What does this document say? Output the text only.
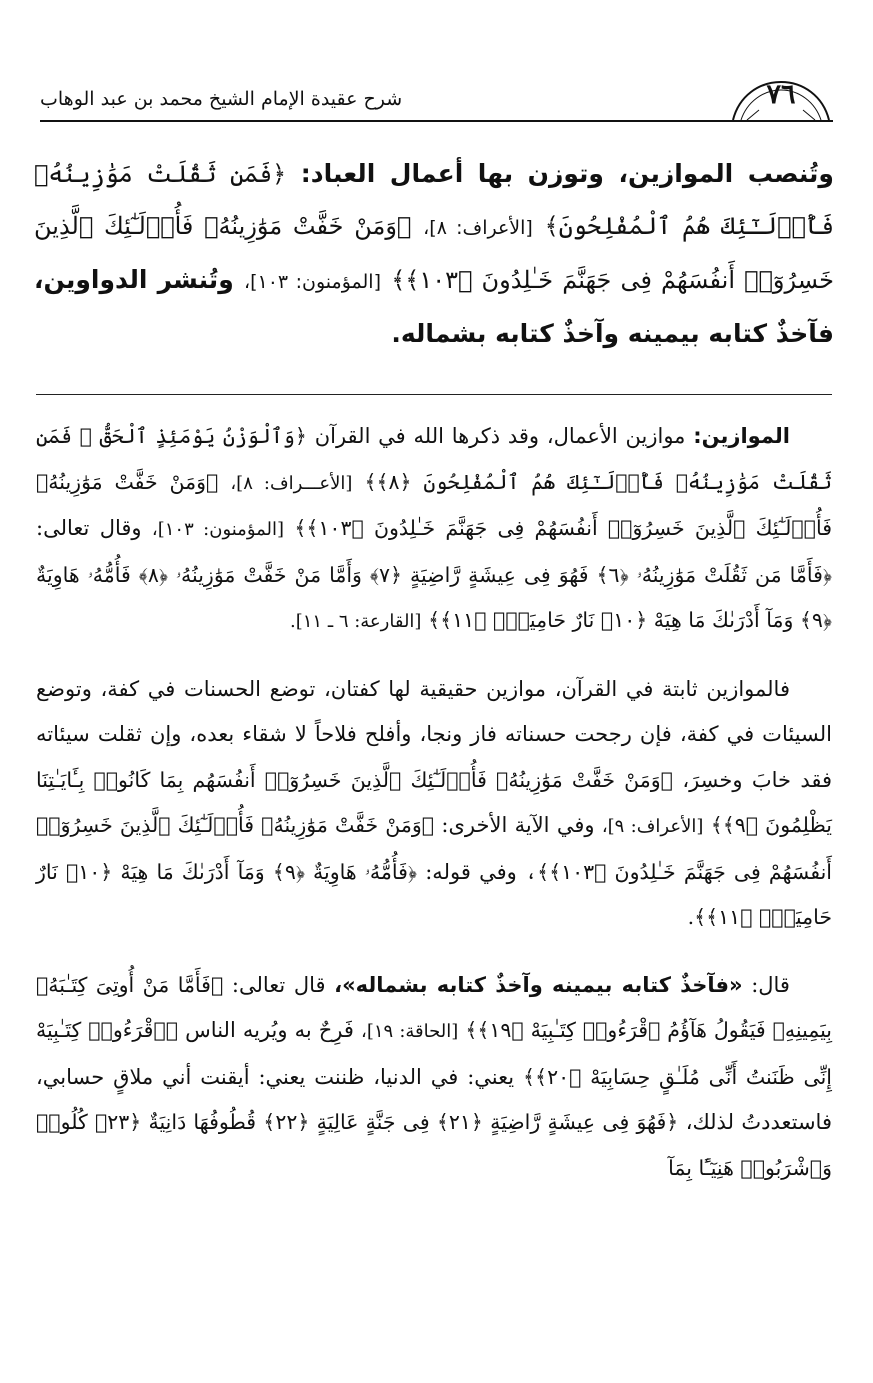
٧٦
شرح عقيدة الإمام الشيخ محمد بن عبد الوهاب
وتُنصب الموازين، وتوزن بها أعمال العباد: ﴿فَمَن ثَقُلَتْ مَوَٰزِينُهُۥ فَأُو۟لَـٰٓئِكَ هُمُ ٱلْمُفْلِحُونَ﴾ [الأعراف: ٨]، ﴿وَمَنْ خَفَّتْ مَوَٰزِينُهُۥ فَأُو۟لَـٰٓئِكَ ٱلَّذِينَ خَسِرُوٓا۟ أَنفُسَهُمْ فِى جَهَنَّمَ خَـٰلِدُونَ ﴿١٠٣﴾﴾ [المؤمنون: ١٠٣]، وتُنشر الدواوين، فآخذٌ كتابه بيمينه وآخذٌ كتابه بشماله.

الموازين: موازين الأعمال، وقد ذكرها الله في القرآن ﴿وَٱلْوَزْنُ يَوْمَئِذٍ ٱلْحَقُّ ۚ فَمَن ثَقُلَتْ مَوَٰزِينُهُۥ فَأُو۟لَـٰٓئِكَ هُمُ ٱلْمُفْلِحُونَ ﴿٨﴾﴾ [الأعـــراف: ٨]، ﴿وَمَنْ خَفَّتْ مَوَٰزِينُهُۥ فَأُو۟لَـٰٓئِكَ ٱلَّذِينَ خَسِرُوٓا۟ أَنفُسَهُمْ فِى جَهَنَّمَ خَـٰلِدُونَ ﴿١٠٣﴾﴾ [المؤمنون: ١٠٣]، وقال تعالى: ﴿فَأَمَّا مَن ثَقُلَتْ مَوَٰزِينُهُۥ ﴿٦﴾ فَهُوَ فِى عِيشَةٍ رَّاضِيَةٍ ﴿٧﴾ وَأَمَّا مَنْ خَفَّتْ مَوَٰزِينُهُۥ ﴿٨﴾ فَأُمُّهُۥ هَاوِيَةٌ ﴿٩﴾ وَمَآ أَدْرَىٰكَ مَا هِيَهْ ﴿١٠﴾ نَارٌ حَامِيَةٌۢ ﴿١١﴾﴾ [القارعة: ٦ ـ ١١].

فالموازين ثابتة في القرآن، موازين حقيقية لها كفتان، توضع الحسنات في كفة، وتوضع السيئات في كفة، فإن رجحت حسناته فاز ونجا، وأفلح فلاحاً لا شقاء بعده، وإن ثقلت سيئاته فقد خابَ وخسِرَ، ﴿وَمَنْ خَفَّتْ مَوَٰزِينُهُۥ فَأُو۟لَـٰٓئِكَ ٱلَّذِينَ خَسِرُوٓا۟ أَنفُسَهُم بِمَا كَانُوا۟ بِـَٔايَـٰتِنَا يَظْلِمُونَ ﴿٩﴾﴾ [الأعراف: ٩]، وفي الآية الأخرى: ﴿وَمَنْ خَفَّتْ مَوَٰزِينُهُۥ فَأُو۟لَـٰٓئِكَ ٱلَّذِينَ خَسِرُوٓا۟ أَنفُسَهُمْ فِى جَهَنَّمَ خَـٰلِدُونَ ﴿١٠٣﴾﴾، وفي قوله: ﴿فَأُمُّهُۥ هَاوِيَةٌ ﴿٩﴾ وَمَآ أَدْرَىٰكَ مَا هِيَهْ ﴿١٠﴾ نَارٌ حَامِيَةٌۢ ﴿١١﴾﴾.

قال: «فآخذٌ كتابه بيمينه وآخذٌ كتابه بشماله»، قال تعالى: ﴿فَأَمَّا مَنْ أُوتِىَ كِتَـٰبَهُۥ بِيَمِينِهِۦ فَيَقُولُ هَآؤُمُ ٱقْرَءُوا۟ كِتَـٰبِيَهْ ﴿١٩﴾﴾ [الحاقة: ١٩]، فَرِحٌ به ويُريه الناس ﴿ٱقْرَءُوا۟ كِتَـٰبِيَهْ إِنِّى ظَنَنتُ أَنِّى مُلَـٰقٍ حِسَابِيَهْ ﴿٢٠﴾﴾ يعني: في الدنيا، ظننت يعني: أيقنت أني ملاقٍ حسابي، فاستعددتُ لذلك، ﴿فَهُوَ فِى عِيشَةٍ رَّاضِيَةٍ ﴿٢١﴾ فِى جَنَّةٍ عَالِيَةٍ ﴿٢٢﴾ قُطُوفُهَا دَانِيَةٌ ﴿٢٣﴾ كُلُوا۟ وَٱشْرَبُوا۟ هَنِيٓـًٔا بِمَآ
